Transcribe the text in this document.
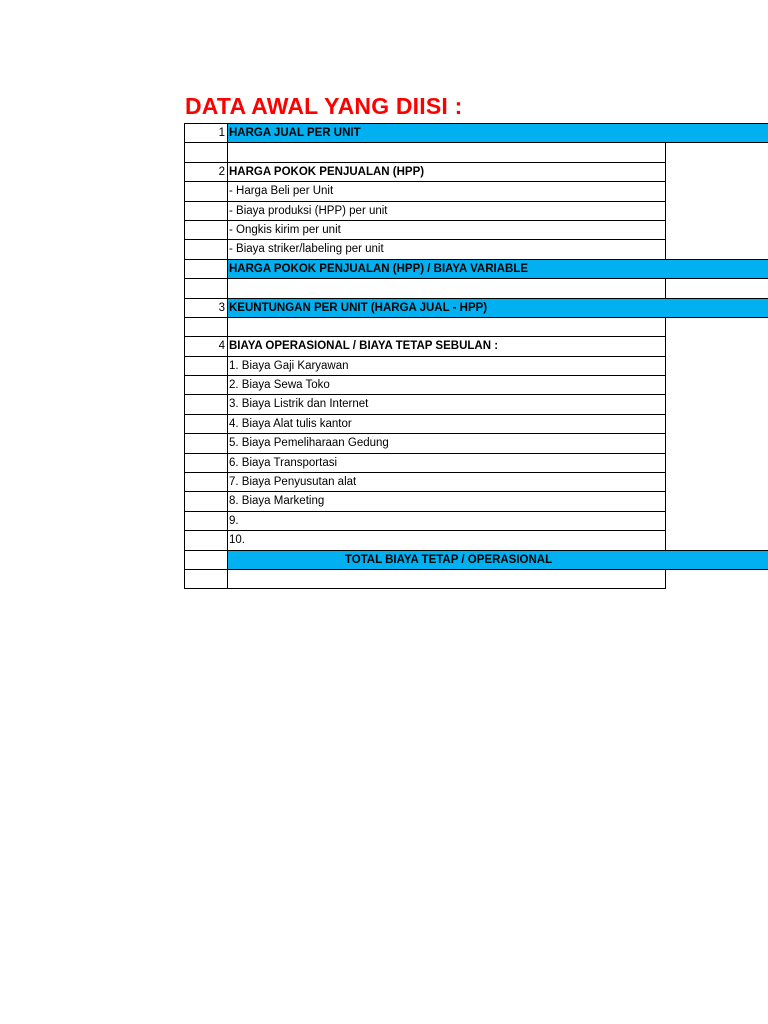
DATA AWAL YANG DIISI :
1 HARGA JUAL PER UNIT
2 HARGA POKOK PENJUALAN (HPP)
- Harga Beli per Unit
- Biaya produksi (HPP) per unit
- Ongkis kirim per unit
- Biaya striker/labeling per unit
HARGA POKOK PENJUALAN (HPP) / BIAYA VARIABLE
3 KEUNTUNGAN PER UNIT (HARGA JUAL - HPP)
4 BIAYA OPERASIONAL / BIAYA TETAP SEBULAN :
1. Biaya Gaji Karyawan
2. Biaya Sewa Toko
3. Biaya Listrik dan Internet
4. Biaya Alat tulis kantor
5. Biaya Pemeliharaan Gedung
6. Biaya Transportasi
7. Biaya Penyusutan alat
8. Biaya Marketing
9.
10.
TOTAL BIAYA TETAP / OPERASIONAL
